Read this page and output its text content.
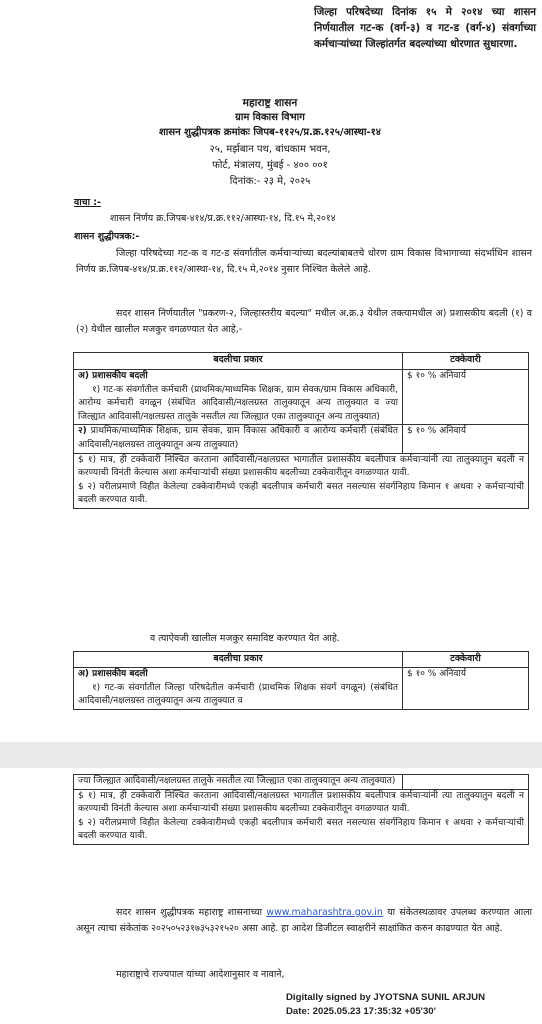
जिल्हा परिषदेच्या दिनांक १५ मे २०१४ च्या शासन निर्णयातील गट-क (वर्ग-३) व गट-ड (वर्ग-४) संवर्गाच्या कर्मचाऱ्यांच्या जिल्हांतर्गत बदल्यांच्या धोरणात सुधारणा.
महाराष्ट्र शासन
ग्राम विकास विभाग
शासन शुद्धीपत्रक क्रमांकः जिपब-११२५/प्र.क्र.१२५/आस्था-१४
२५, मर्झबान पथ, बांधकाम भवन,
फोर्ट, मंत्रालय, मुंबई - ४०० ००१
दिनांक:- २३ मे, २०२५
वाचा :-
शासन निर्णय क्र.जिपब-४१४/प्र.क्र.११२/आस्था-१४, दि.१५ मे,२०१४
शासन शुद्धीपत्रक:-
जिल्हा परिषदेच्या गट-क व गट-ड संवर्गातील कर्मचाऱ्यांच्या बदल्यांबाबतचे धोरण ग्राम विकास विभागाच्या संदर्भाधिन शासन निर्णय क्र.जिपब-४१४/प्र.क्र.११२/आस्था-१४, दि.१५ मे,२०१४ नुसार निश्चित केलेले आहे.
सदर शासन निर्णयातील "प्रकरण-२, जिल्हास्तरीय बदल्या" मधील अ.क्र.३ येथील तक्त्यामधील अ) प्रशासकीय बदली (१) व (२) येथील खालील मजकुर वगळण्यात येत आहे,-
बदलीचा प्रकार	टक्केवारी

अ) प्रशासकीय बदली
१) गट-क संवर्गातील कर्मचारी (प्राथमिक/माध्यमिक शिक्षक, ग्राम सेवक/ग्राम विकास अधिकारी, आरोग्य कर्मचारी वगळून (संबंधित आदिवासी/नक्षलग्रस्त तालुक्यातून अन्य तालुक्यात व ज्या जिल्ह्यात आदिवासी/नक्षलग्रस्त तालुके नसतील त्या जिल्ह्यात एका तालुक्यातून अन्य तालुक्यात)	$ १० % अनिवार्य
२) प्राथमिक/माध्यमिक शिक्षक, ग्राम सेवक, ग्राम विकास अधिकारी व आरोग्य कर्मचारी (संबंधित आदिवासी/नक्षलग्रस्त तालुक्यातून अन्य तालुक्यात)	$ १० % अनिवार्य

$ १) मात्र, ही टक्केवारी निश्चित करताना आदिवासी/नक्षलग्रस्त भागातील प्रशासकीय बदलीपात्र कर्मचाऱ्यांनी त्या तालुक्यातुन बदली न करण्याची विनंती केल्यास अशा कर्मचाऱ्यांची संख्या प्रशासकीय बदलीच्या टक्केवारीतून वगळण्यात यावी.
$ २) वरीलप्रमाणे विहीत केलेल्या टक्केवारीमध्ये एकही बदलीपात्र कर्मचारी बसत नसल्यास संवर्गनिहाय किमान १ अथवा २ कर्मचाऱ्यांची बदली करण्यात यावी.	
व त्याऐवजी खालील मजकुर समाविष्ट करण्यात येत आहे.
बदलीचा प्रकार	टक्केवारी

अ) प्रशासकीय बदली
१) गट-क संवर्गातील जिल्हा परिषदेतील कर्मचारी (प्राथमिक शिक्षक संवर्ग वगळून) (संबंधित आदिवासी/नक्षलग्रस्त तालुक्यातून अन्य तालुक्यात व	$ १० % अनिवार्य
ज्या जिल्ह्यात आदिवासी/नक्षलग्रस्त तालुके नसतील त्या जिल्ह्यात एका तालुक्यातून अन्य तालुक्यात)	

$ १) मात्र, ही टक्केवारी निश्चित करताना आदिवासी/नक्षलग्रस्त भागातील प्रशासकीय बदलीपात्र कर्मचाऱ्यांनी त्या तालुक्यातुन बदली न करण्याची विनंती केल्यास अशा कर्मचाऱ्यांची संख्या प्रशासकीय बदलीच्या टक्केवारीतून वगळण्यात यावी.
$ २) वरीलप्रमाणे विहीत केलेल्या टक्केवारीमध्ये एकही बदलीपात्र कर्मचारी बसत नसल्यास संवर्गनिहाय किमान १ अथवा २ कर्मचाऱ्यांची बदली करण्यात यावी.
सदर शासन शुद्धीपत्रक महाराष्ट्र शासनाच्या www.maharashtra.gov.in या संकेतस्थळावर उपलब्ध करण्यात आला असून त्याचा संकेतांक २०२५०५२३१७३५३२१५२० असा आहे. हा आदेश डिजीटल स्वाक्षरीने साक्षांकित करुन काढण्यात येत आहे.
महाराष्ट्राचे राज्यपाल यांच्या आदेशानुसार व नावाने,
Digitally signed by JYOTSNA SUNIL ARJUN
Date: 2025.05.23 17:35:32 +05'30'
